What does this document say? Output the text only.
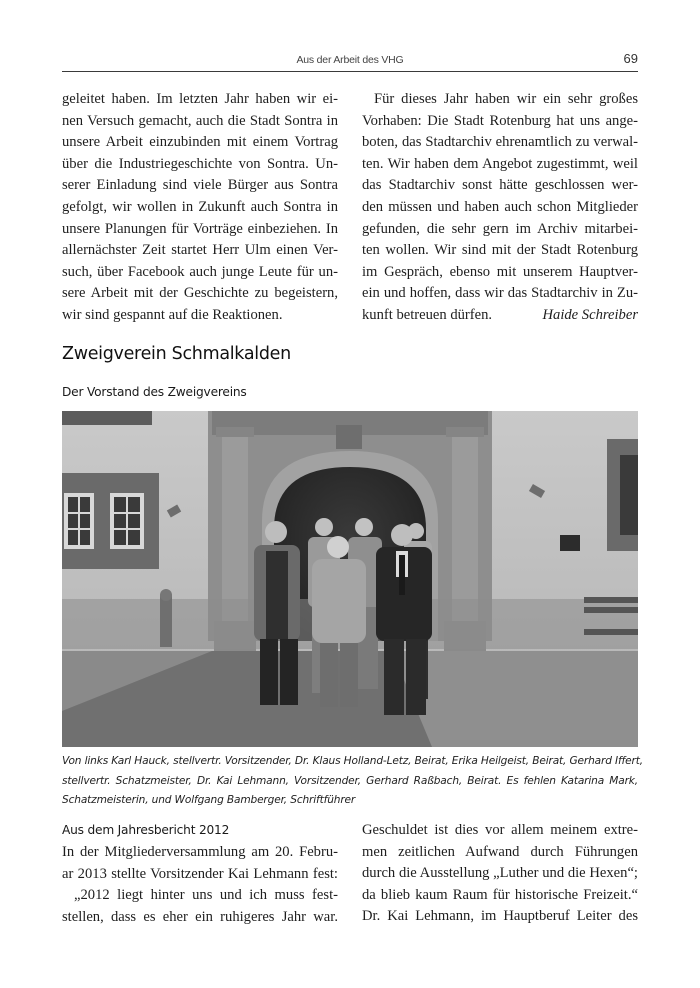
Aus der Arbeit des VHG	69
geleitet haben. Im letzten Jahr haben wir ei-
nen Versuch gemacht, auch die Stadt Sontra in
unsere Arbeit einzubinden mit einem Vortrag
über die Industriegeschichte von Sontra. Un-
serer Einladung sind viele Bürger aus Sontra
gefolgt, wir wollen in Zukunft auch Sontra in
unsere Planungen für Vorträge einbeziehen. In
allernächster Zeit startet Herr Ulm einen Ver-
such, über Facebook auch junge Leute für un-
sere Arbeit mit der Geschichte zu begeistern,
wir sind gespannt auf die Reaktionen.
Für dieses Jahr haben wir ein sehr großes
Vorhaben: Die Stadt Rotenburg hat uns ange-
boten, das Stadtarchiv ehrenamtlich zu verwal-
ten. Wir haben dem Angebot zugestimmt, weil
das Stadtarchiv sonst hätte geschlossen wer-
den müssen und haben auch schon Mitglieder
gefunden, die sehr gern im Archiv mitarbei-
ten wollen. Wir sind mit der Stadt Rotenburg
im Gespräch, ebenso mit unserem Hauptver-
ein und hoffen, dass wir das Stadtarchiv in Zu-
kunft betreuen dürfen.	Haide Schreiber
Zweigverein Schmalkalden
Der Vorstand des Zweigvereins
Von links Karl Hauck, stellvertr. Vorsitzender, Dr. Klaus Holland-Letz, Beirat, Erika Heilgeist, Beirat, Gerhard Iffert,
stellvertr. Schatzmeister, Dr. Kai Lehmann, Vorsitzender, Gerhard Raßbach, Beirat. Es fehlen Katarina Mark,
Schatzmeisterin, und Wolfgang Bamberger, Schriftführer
Aus dem Jahresbericht 2012
In der Mitgliederversammlung am 20. Febru-
ar 2013 stellte Vorsitzender Kai Lehmann fest:
„2012 liegt hinter uns und ich muss fest-
stellen, dass es eher ein ruhigeres Jahr war.
Geschuldet ist dies vor allem meinem extre-
men zeitlichen Aufwand durch Führungen
durch die Ausstellung „Luther und die Hexen“;
da blieb kaum Raum für historische Freizeit.“
Dr. Kai Lehmann, im Hauptberuf Leiter des
